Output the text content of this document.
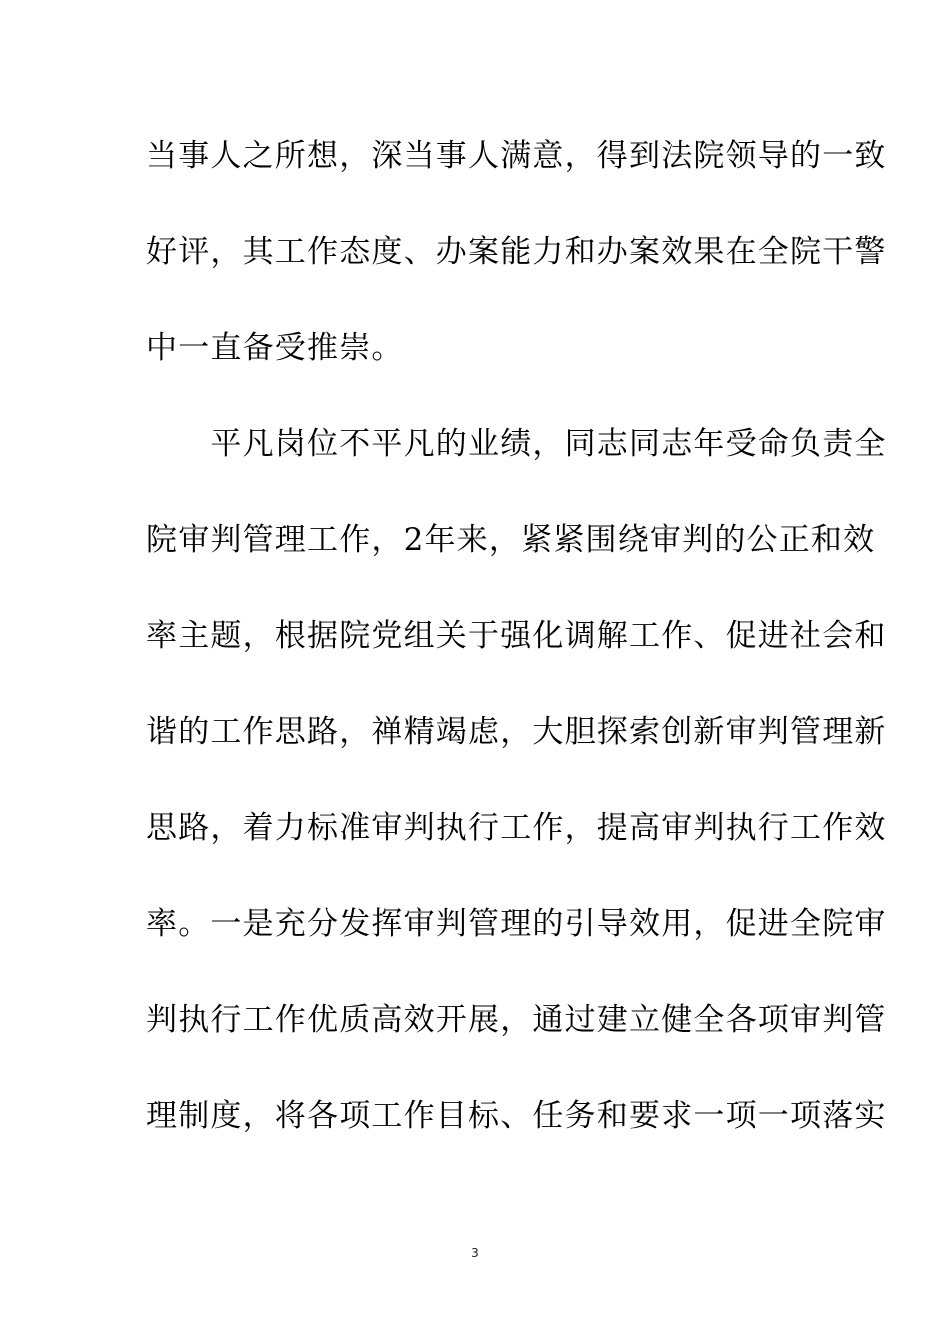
当事人之所想，深当事人满意，得到法院领导的一致
好评，其工作态度、办案能力和办案效果在全院干警
中一直备受推崇。
　　平凡岗位不平凡的业绩，同志同志年受命负责全
院审判管理工作，2年来，紧紧围绕审判的公正和效
率主题，根据院党组关于强化调解工作、促进社会和
谐的工作思路，禅精竭虑，大胆探索创新审判管理新
思路，着力标准审判执行工作，提高审判执行工作效
率。一是充分发挥审判管理的引导效用，促进全院审
判执行工作优质高效开展，通过建立健全各项审判管
理制度，将各项工作目标、任务和要求一项一项落实
3
